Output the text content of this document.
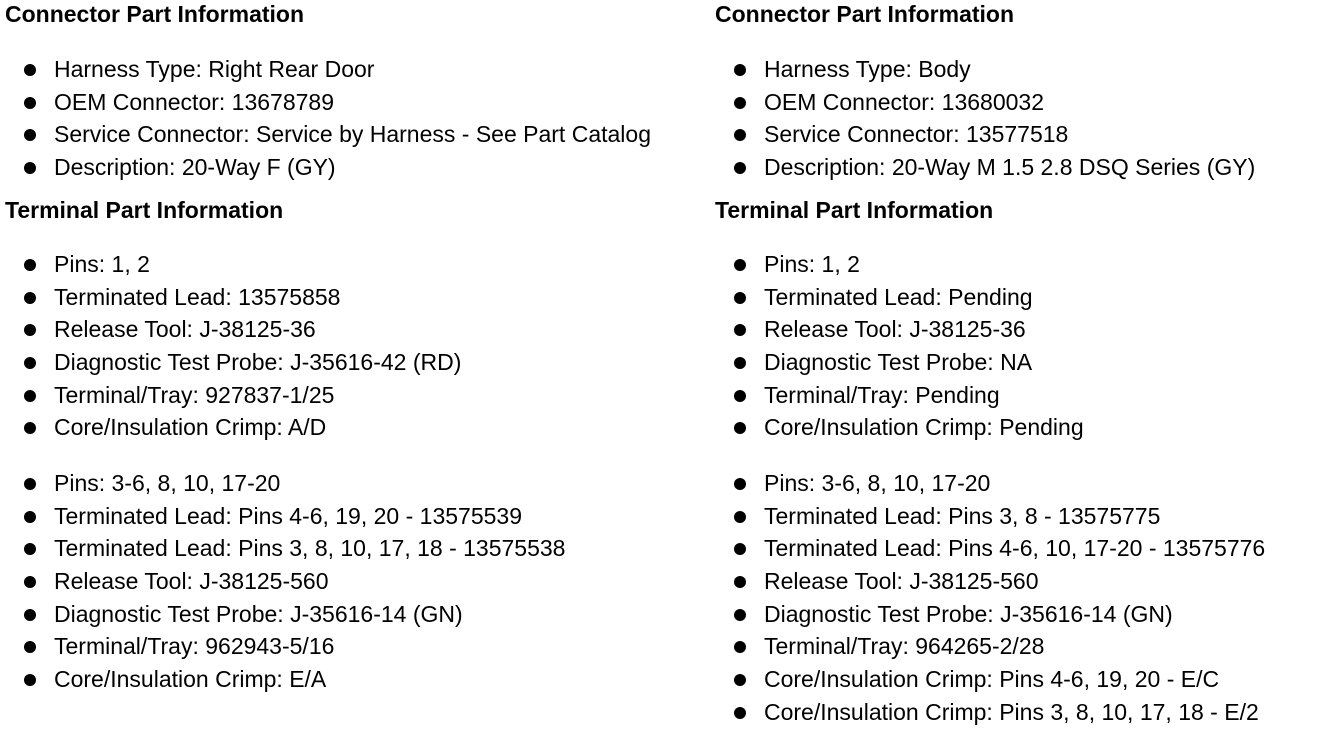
Connector Part Information
Harness Type: Right Rear Door
OEM Connector: 13678789
Service Connector: Service by Harness - See Part Catalog
Description: 20-Way F (GY)
Terminal Part Information
Pins: 1, 2
Terminated Lead: 13575858
Release Tool: J-38125-36
Diagnostic Test Probe: J-35616-42 (RD)
Terminal/Tray: 927837-1/25
Core/Insulation Crimp: A/D
Pins: 3-6, 8, 10, 17-20
Terminated Lead: Pins 4-6, 19, 20 - 13575539
Terminated Lead: Pins 3, 8, 10, 17, 18 - 13575538
Release Tool: J-38125-560
Diagnostic Test Probe: J-35616-14 (GN)
Terminal/Tray: 962943-5/16
Core/Insulation Crimp: E/A
Connector Part Information
Harness Type: Body
OEM Connector: 13680032
Service Connector: 13577518
Description: 20-Way M 1.5 2.8 DSQ Series (GY)
Terminal Part Information
Pins: 1, 2
Terminated Lead: Pending
Release Tool: J-38125-36
Diagnostic Test Probe: NA
Terminal/Tray: Pending
Core/Insulation Crimp: Pending
Pins: 3-6, 8, 10, 17-20
Terminated Lead: Pins 3, 8 - 13575775
Terminated Lead: Pins 4-6, 10, 17-20 - 13575776
Release Tool: J-38125-560
Diagnostic Test Probe: J-35616-14 (GN)
Terminal/Tray: 964265-2/28
Core/Insulation Crimp: Pins 4-6, 19, 20 - E/C
Core/Insulation Crimp: Pins 3, 8, 10, 17, 18 - E/2
